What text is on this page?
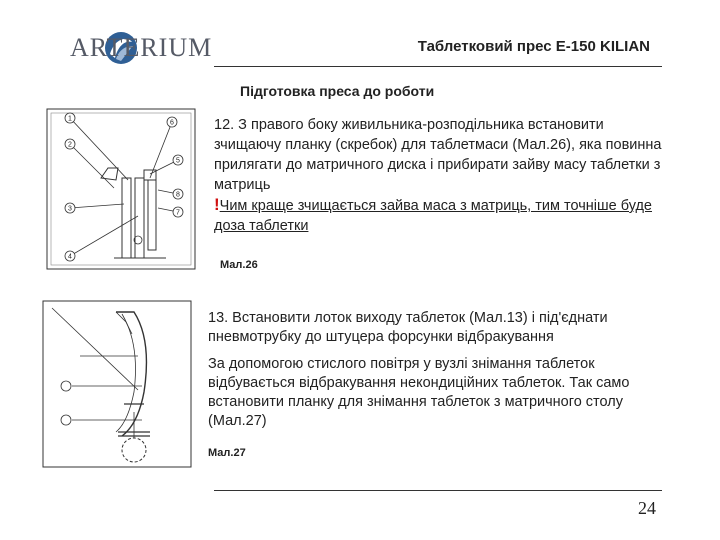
ARTERIUM	Таблетковий прес Е-150 KILIAN
Підготовка преса до роботи
1
6
2
5
8
7
3
4
12. З правого боку живильника-розподільника встановити зчищаючу планку (скребок) для таблетмаси (Мал.26), яка повинна прилягати до матричного диска і прибирати зайву масу таблетки з матриць
!Чим краще зчищається зайва маса з матриць, тим точніше буде доза таблетки
Мал.26

13. Встановити лоток виходу таблеток (Мал.13) і під'єднати пневмотрубку до штуцера форсунки відбракування

За допомогою стислого повітря у вузлі знімання таблеток відбувається відбракування некондиційних таблеток. Так само встановити планку для знімання таблеток з матричного столу (Мал.27)

Мал.27
24
